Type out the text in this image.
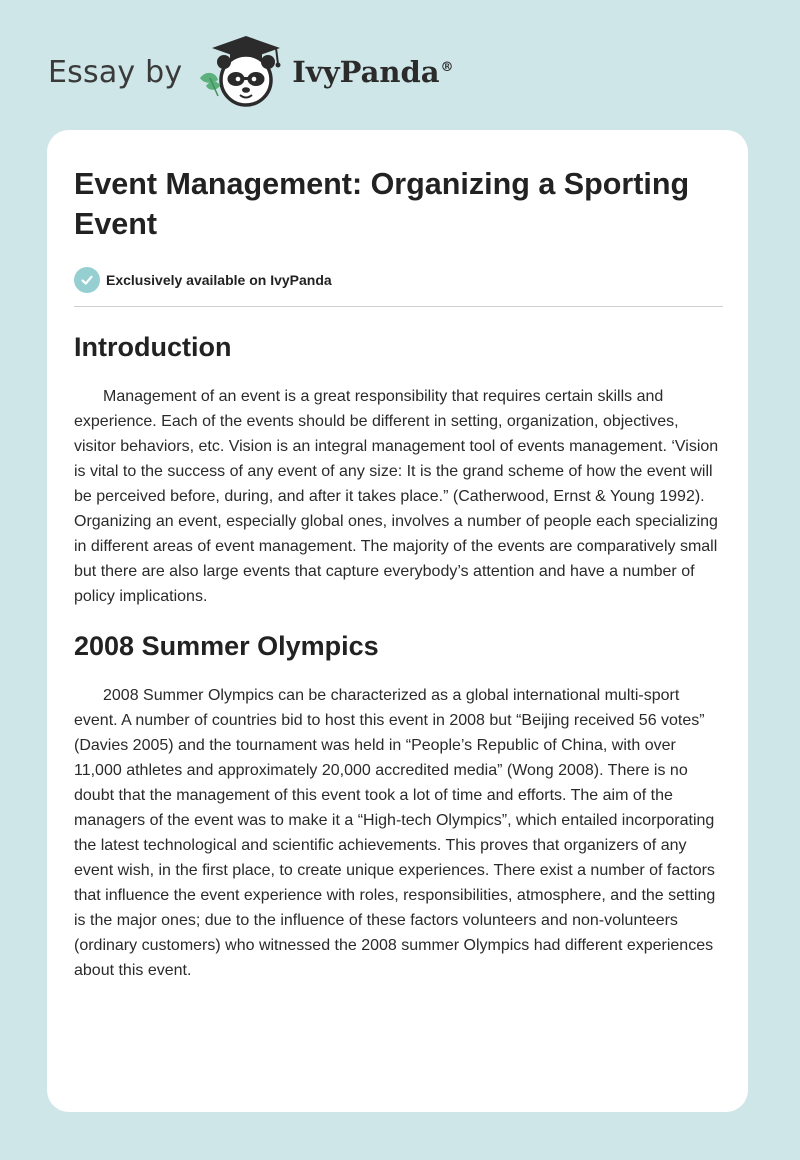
Essay by	IvyPanda®
Event Management: Organizing a Sporting Event
Exclusively available on IvyPanda
Introduction

Management of an event is a great responsibility that requires certain skills and experience. Each of the events should be different in setting, organization, objectives, visitor behaviors, etc. Vision is an integral management tool of events management. ‘Vision is vital to the success of any event of any size: It is the grand scheme of how the event will be perceived before, during, and after it takes place.” (Catherwood, Ernst & Young 1992). Organizing an event, especially global ones, involves a number of people each specializing in different areas of event management. The majority of the events are comparatively small but there are also large events that capture everybody’s attention and have a number of policy implications.

2008 Summer Olympics

2008 Summer Olympics can be characterized as a global international multi-sport event. A number of countries bid to host this event in 2008 but “Beijing received 56 votes” (Davies 2005) and the tournament was held in “People’s Republic of China, with over 11,000 athletes and approximately 20,000 accredited media” (Wong 2008). There is no doubt that the management of this event took a lot of time and efforts. The aim of the managers of the event was to make it a “High-tech Olympics”, which entailed incorporating the latest technological and scientific achievements. This proves that organizers of any event wish, in the first place, to create unique experiences. There exist a number of factors that influence the event experience with roles, responsibilities, atmosphere, and the setting is the major ones; due to the influence of these factors volunteers and non-volunteers (ordinary customers) who witnessed the 2008 summer Olympics had different experiences about this event.
